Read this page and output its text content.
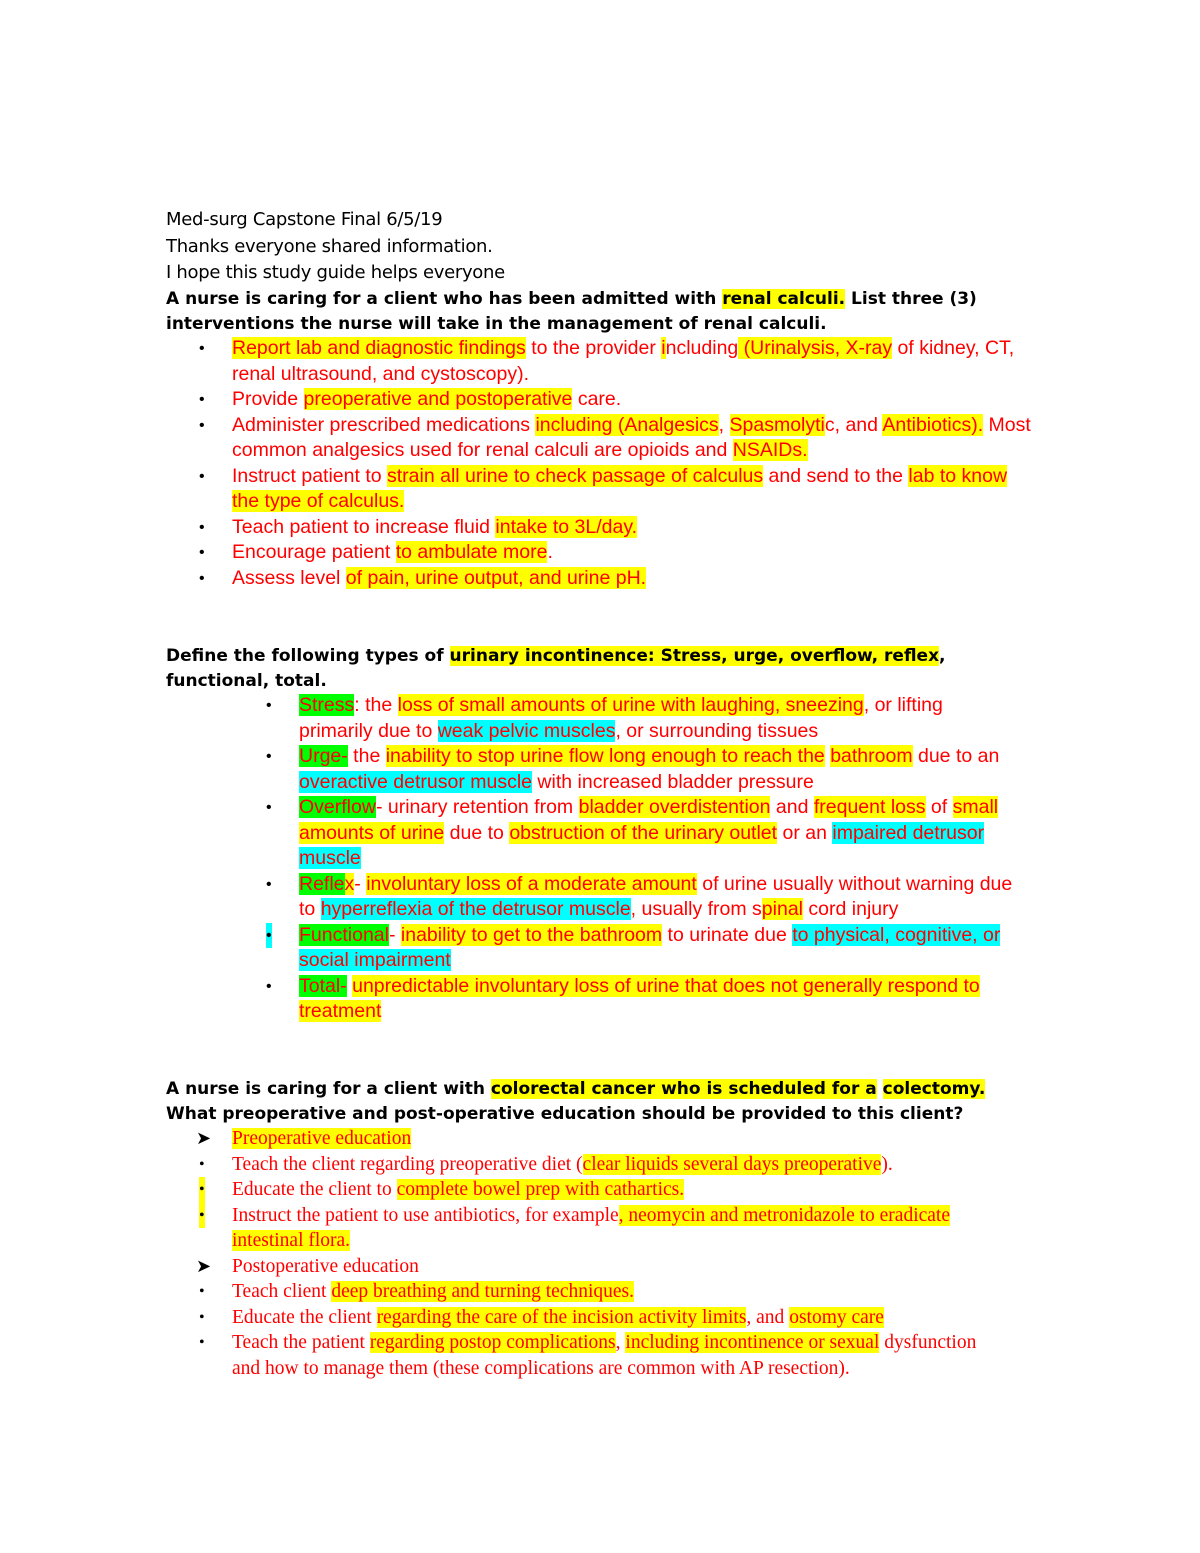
Med-surg Capstone Final 6/5/19
Thanks everyone shared information.
I hope this study guide helps everyone
A nurse is caring for a client who has been admitted with renal calculi. List three (3)
interventions the nurse will take in the management of renal calculi.
• Report lab and diagnostic findings to the provider including (Urinalysis, X-ray of kidney, CT, renal ultrasound, and cystoscopy).
• Provide preoperative and postoperative care.
• Administer prescribed medications including (Analgesics, Spasmolytic, and Antibiotics). Most common analgesics used for renal calculi are opioids and NSAIDs.
• Instruct patient to strain all urine to check passage of calculus and send to the lab to know the type of calculus.
• Teach patient to increase fluid intake to 3L/day.
• Encourage patient to ambulate more.
• Assess level of pain, urine output, and urine pH.
Define the following types of urinary incontinence: Stress, urge, overflow, reflex,
functional, total.
• Stress: the loss of small amounts of urine with laughing, sneezing, or lifting primarily due to weak pelvic muscles, or surrounding tissues
• Urge- the inability to stop urine flow long enough to reach the bathroom due to an overactive detrusor muscle with increased bladder pressure
• Overflow- urinary retention from bladder overdistention and frequent loss of small amounts of urine due to obstruction of the urinary outlet or an impaired detrusor muscle
• Reflex- involuntary loss of a moderate amount of urine usually without warning due to hyperreflexia of the detrusor muscle, usually from spinal cord injury
• Functional- inability to get to the bathroom to urinate due to physical, cognitive, or social impairment
• Total- unpredictable involuntary loss of urine that does not generally respond to treatment
A nurse is caring for a client with colorectal cancer who is scheduled for a colectomy.
What preoperative and post-operative education should be provided to this client?
➤ Preoperative education
• Teach the client regarding preoperative diet (clear liquids several days preoperative).
• Educate the client to complete bowel prep with cathartics.
• Instruct the patient to use antibiotics, for example, neomycin and metronidazole to eradicate intestinal flora.
➤ Postoperative education
• Teach client deep breathing and turning techniques.
• Educate the client regarding the care of the incision activity limits, and ostomy care
• Teach the patient regarding postop complications, including incontinence or sexual dysfunction and how to manage them (these complications are common with AP resection).
